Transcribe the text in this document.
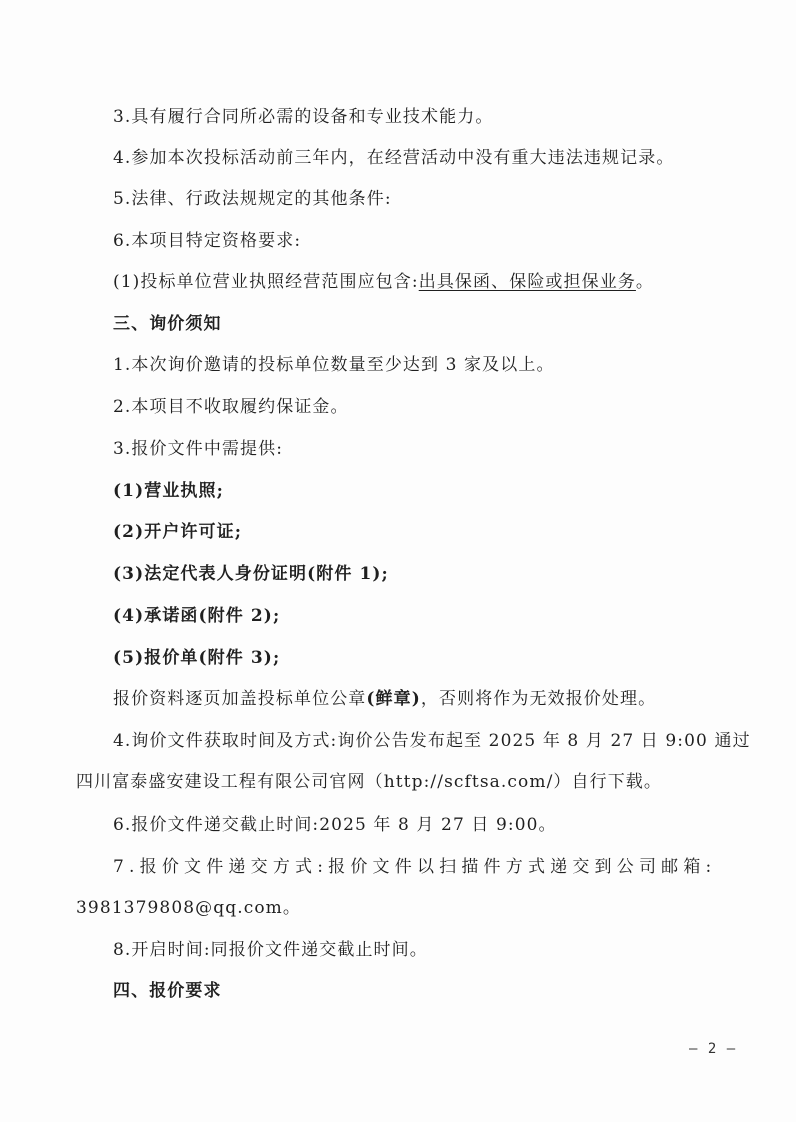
3.具有履行合同所必需的设备和专业技术能力。
4.参加本次投标活动前三年内，在经营活动中没有重大违法违规记录。
5.法律、行政法规规定的其他条件:
6.本项目特定资格要求:
(1)投标单位营业执照经营范围应包含:出具保函、保险或担保业务。
三、询价须知
1.本次询价邀请的投标单位数量至少达到 3 家及以上。
2.本项目不收取履约保证金。
3.报价文件中需提供:
(1)营业执照;
(2)开户许可证;
(3)法定代表人身份证明(附件 1);
(4)承诺函(附件 2);
(5)报价单(附件 3);
报价资料逐页加盖投标单位公章(鲜章)，否则将作为无效报价处理。
4.询价文件获取时间及方式:询价公告发布起至 2025 年 8 月 27 日 9:00 通过
四川富泰盛安建设工程有限公司官网（http://scftsa.com/）自行下载。
6.报价文件递交截止时间:2025 年 8 月 27 日 9:00。
7.报价文件递交方式:报价文件以扫描件方式递交到公司邮箱:
3981379808@qq.com。
8.开启时间:同报价文件递交截止时间。
四、报价要求
— 2 —
